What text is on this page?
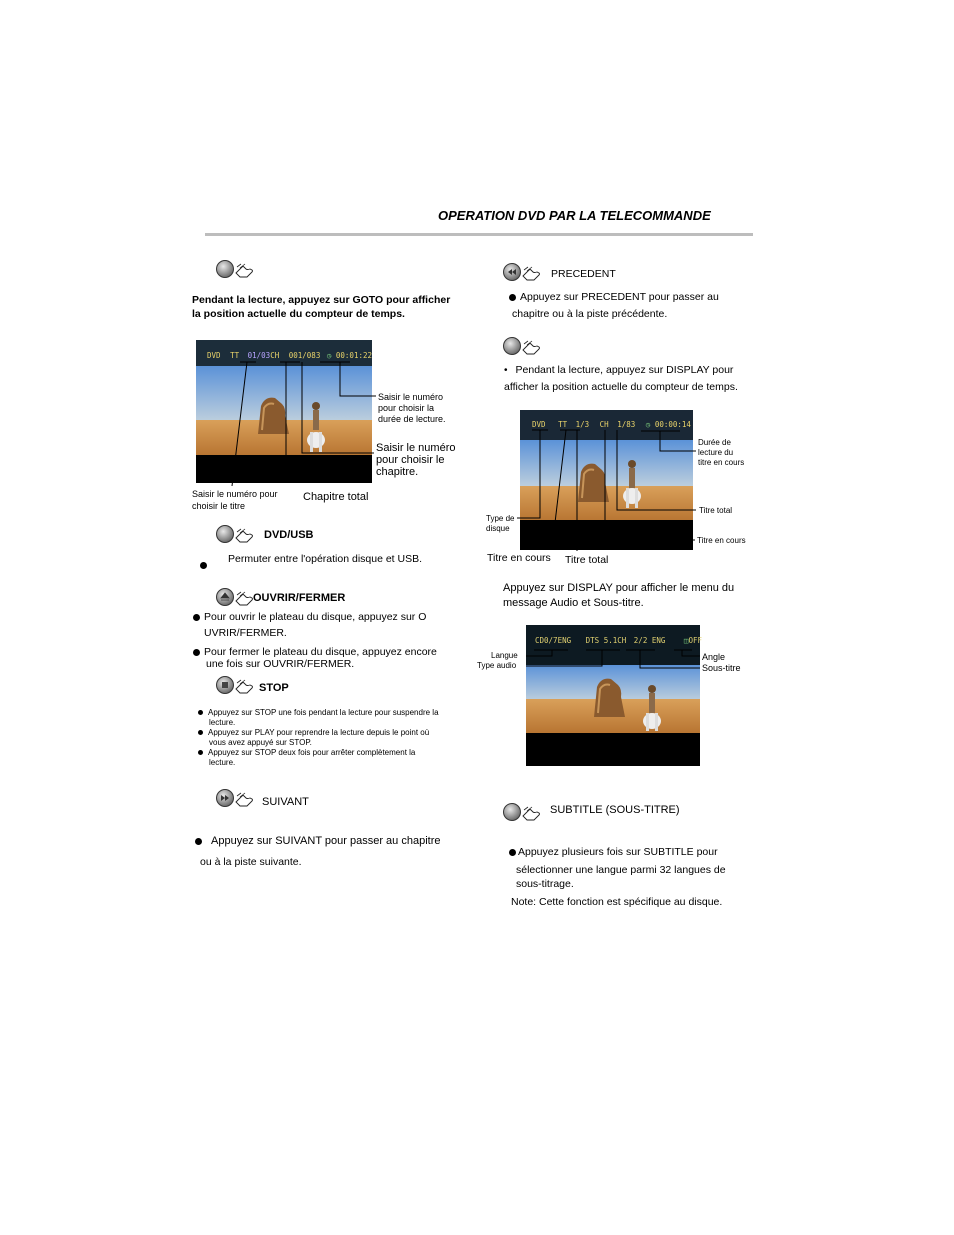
OPERATION DVD PAR LA TELECOMMANDE
Pendant la lecture, appuyez sur GOTO pour afficher
la position actuelle du compteur de temps.
DVD TT 01/03CH 001/083 ◷ 00:01:22
Saisir le numéro
pour choisir la
durée de lecture.
Saisir le numéro
pour choisir le
chapitre.
Saisir le numéro pour
choisir le titre
Chapitre total
DVD/USB
Permuter entre l'opération disque et USB.
OUVRIR/FERMER
Pour ouvrir le plateau du disque, appuyez sur O
UVRIR/FERMER.
Pour fermer le plateau du disque, appuyez encore
une fois sur OUVRIR/FERMER.
STOP
Appuyez sur STOP une fois pendant la lecture pour suspendre la
lecture.
Appuyez sur PLAY pour reprendre la lecture depuis le point où
vous avez appuyé sur STOP.
Appuyez sur STOP deux fois pour arrêter complètement la
lecture.
SUIVANT
Appuyez sur SUIVANT pour passer au chapitre
ou à la piste suivante.
PRECEDENT
Appuyez sur PRECEDENT pour passer au
chapitre ou à la piste précédente.
• Pendant la lecture, appuyez sur DISPLAY pour
afficher la position actuelle du compteur de temps.
DVD TT 1/3 CH 1/83 ◷ 00:00:14
Durée de
lecture du
titre en cours
Titre total
Titre en cours
Type de
disque
Titre en cours Titre total
Appuyez sur DISPLAY pour afficher le menu du
message Audio et Sous-titre.
CD0/7ENG DTS 5.1CH 2/2 ENG ◫OFF
Langue
Type audio
Angle
Sous-titre
SUBTITLE (SOUS-TITRE)
Appuyez plusieurs fois sur SUBTITLE pour
sélectionner une langue parmi 32 langues de
sous-titrage.
Note: Cette fonction est spécifique au disque.
